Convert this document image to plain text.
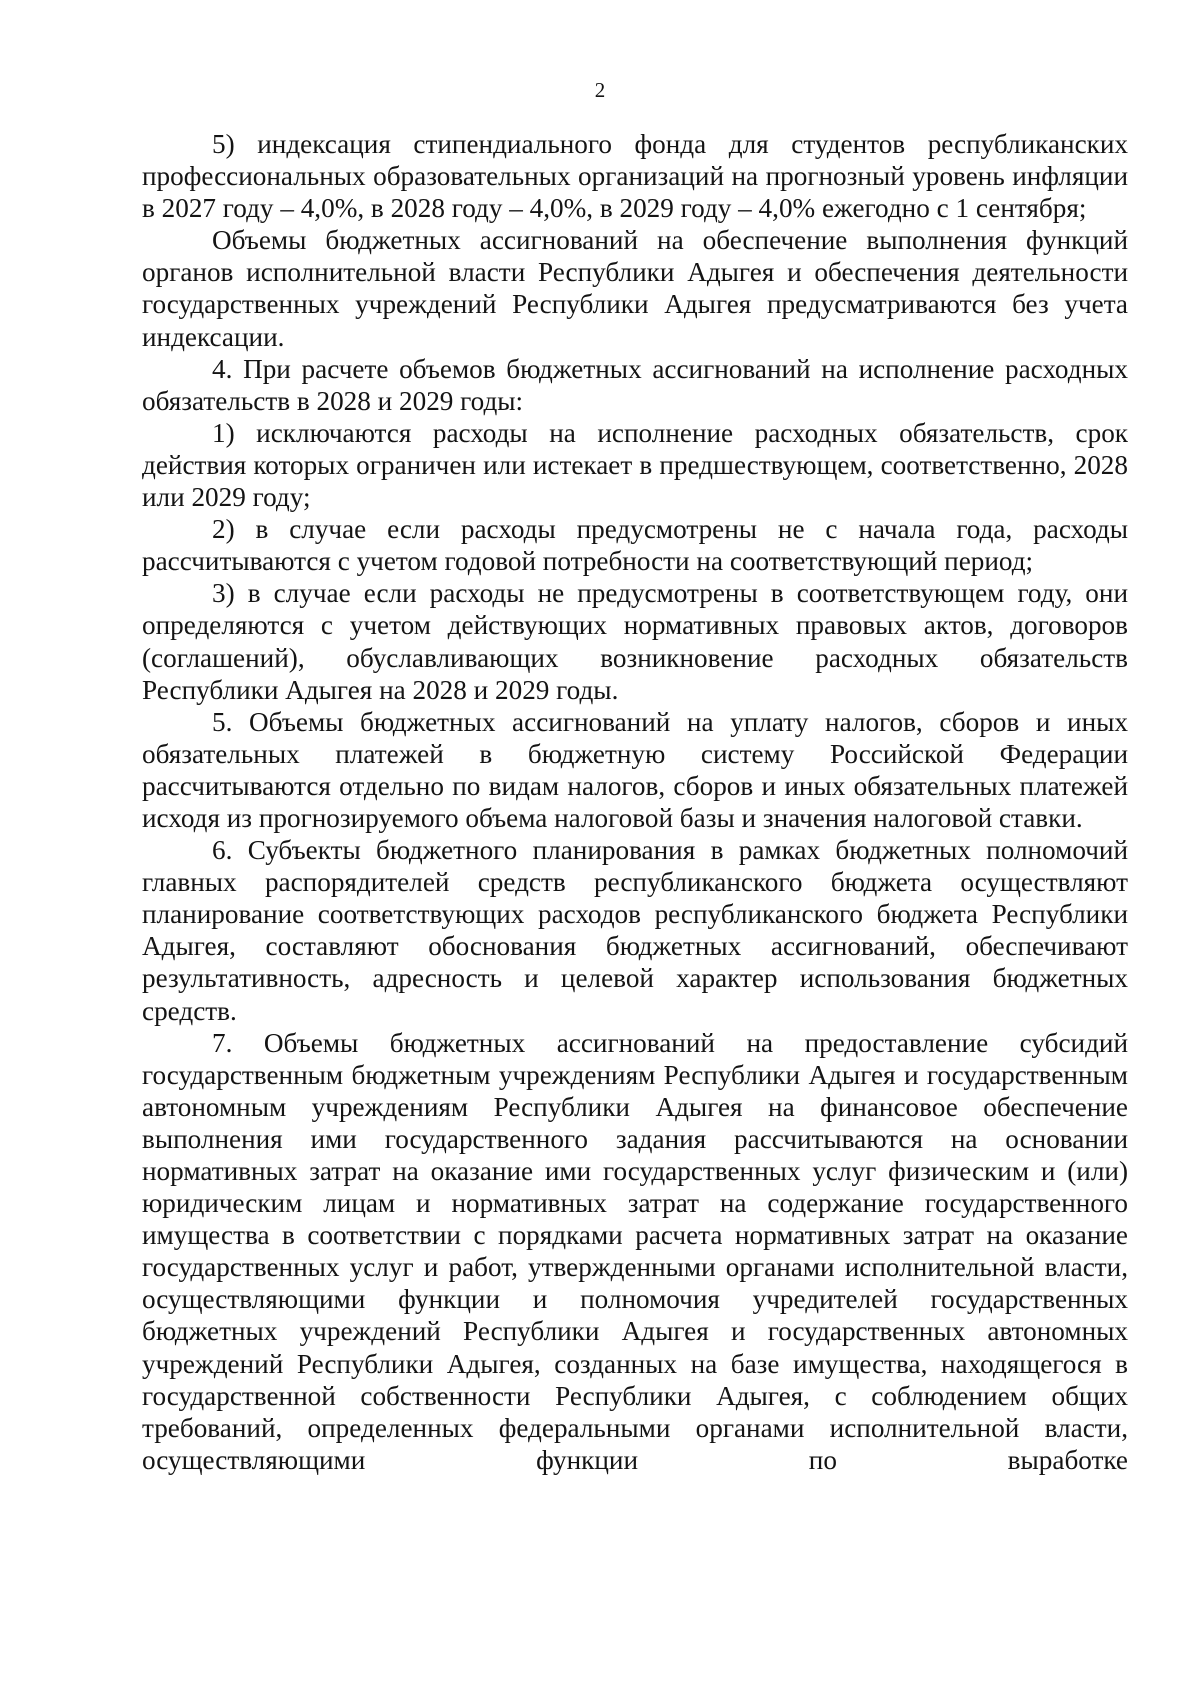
2

5) индексация стипендиального фонда для студентов республиканских профессиональных образовательных организаций на прогнозный уровень инфляции в 2027 году – 4,0%, в 2028 году – 4,0%, в 2029 году – 4,0% ежегодно с 1 сентября;

Объемы бюджетных ассигнований на обеспечение выполнения функций органов исполнительной власти Республики Адыгея и обеспечения деятельности государственных учреждений Республики Адыгея предусматриваются без учета индексации.

4. При расчете объемов бюджетных ассигнований на исполнение расходных обязательств в 2028 и 2029 годы:

1) исключаются расходы на исполнение расходных обязательств, срок действия которых ограничен или истекает в предшествующем, соответственно, 2028 или 2029 году;

2) в случае если расходы предусмотрены не с начала года, расходы рассчитываются с учетом годовой потребности на соответствующий период;

3) в случае если расходы не предусмотрены в соответствующем году, они определяются с учетом действующих нормативных правовых актов, договоров (соглашений), обуславливающих возникновение расходных обязательств Республики Адыгея на 2028 и 2029 годы.

5. Объемы бюджетных ассигнований на уплату налогов, сборов и иных обязательных платежей в бюджетную систему Российской Федерации рассчитываются отдельно по видам налогов, сборов и иных обязательных платежей исходя из прогнозируемого объема налоговой базы и значения налоговой ставки.

6. Субъекты бюджетного планирования в рамках бюджетных полномочий главных распорядителей средств республиканского бюджета осуществляют планирование соответствующих расходов республиканского бюджета Республики Адыгея, составляют обоснования бюджетных ассигнований, обеспечивают результативность, адресность и целевой характер использования бюджетных средств.

7. Объемы бюджетных ассигнований на предоставление субсидий государственным бюджетным учреждениям Республики Адыгея и государственным автономным учреждениям Республики Адыгея на финансовое обеспечение выполнения ими государственного задания рассчитываются на основании нормативных затрат на оказание ими государственных услуг физическим и (или) юридическим лицам и нормативных затрат на содержание государственного имущества в соответствии с порядками расчета нормативных затрат на оказание государственных услуг и работ, утвержденными органами исполнительной власти, осуществляющими функции и полномочия учредителей государственных бюджетных учреждений Республики Адыгея и государственных автономных учреждений Республики Адыгея, созданных на базе имущества, находящегося в государственной собственности Республики Адыгея, с соблюдением общих требований, определенных федеральными органами исполнительной власти, осуществляющими функции по выработке
